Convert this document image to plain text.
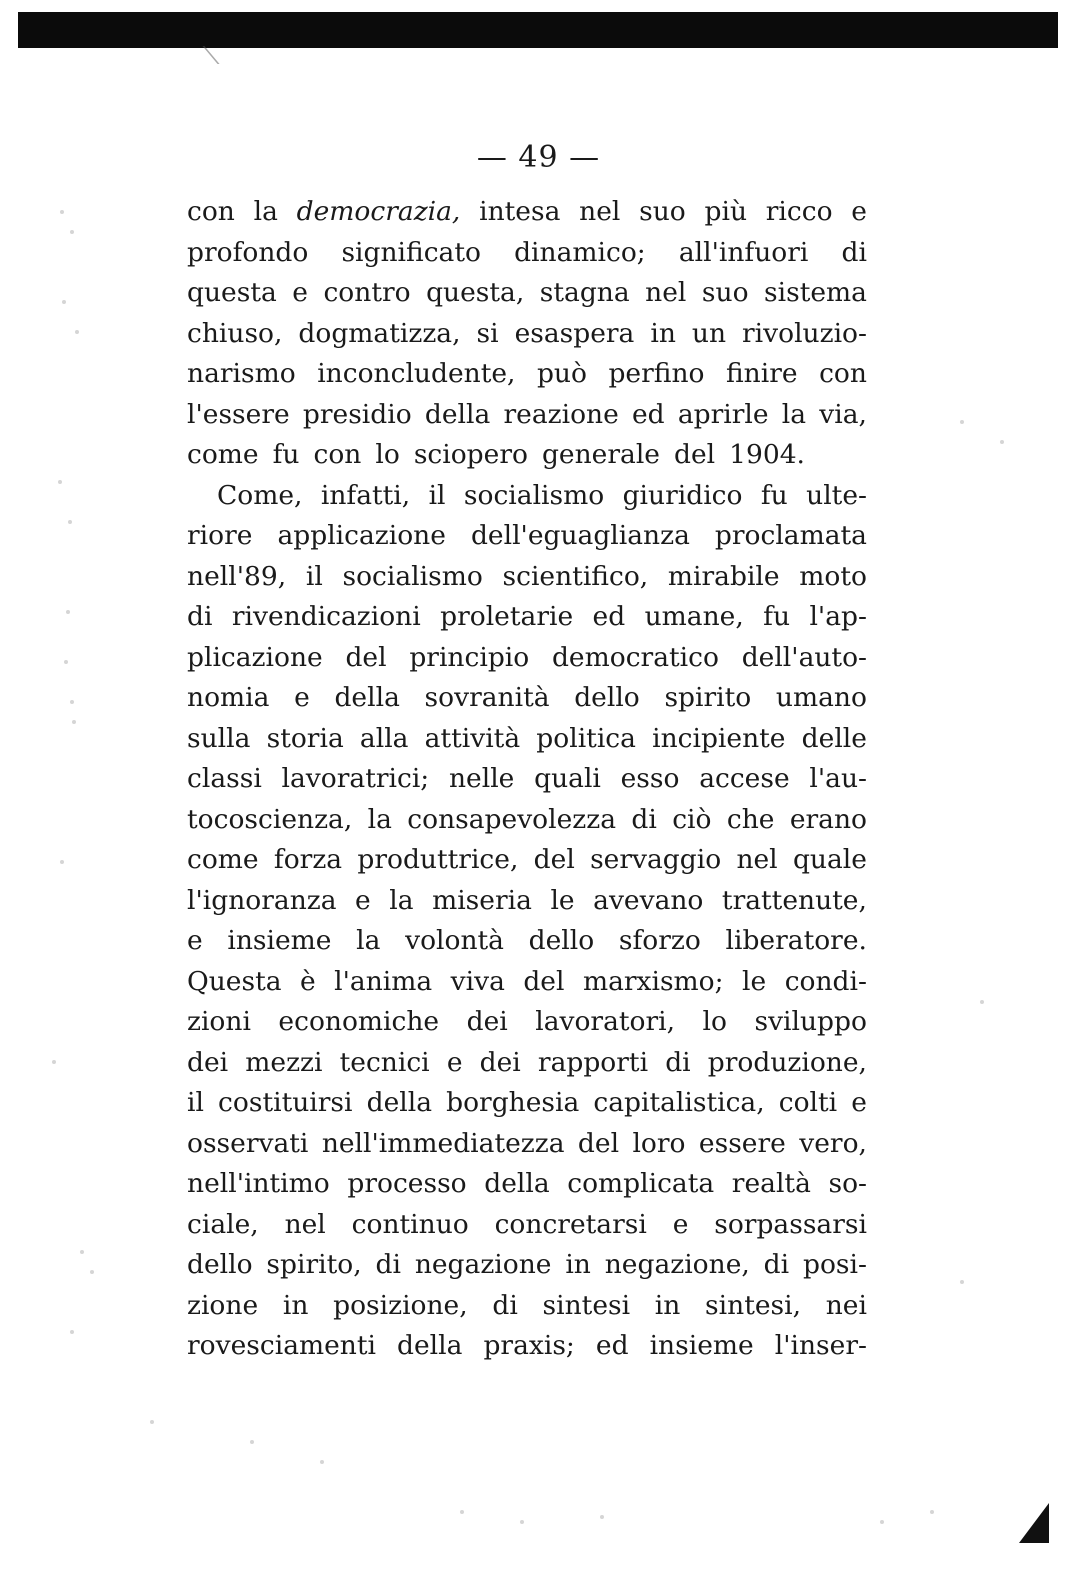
— 49 —
con la democrazia, intesa nel suo più ricco e
profondo significato dinamico; all'infuori di
questa e contro questa, stagna nel suo sistema
chiuso, dogmatizza, si esaspera in un rivoluzio-
narismo inconcludente, può perfino finire con
l'essere presidio della reazione ed aprirle la via,
come fu con lo sciopero generale del 1904.
Come, infatti, il socialismo giuridico fu ulte-
riore applicazione dell'eguaglianza proclamata
nell'89, il socialismo scientifico, mirabile moto
di rivendicazioni proletarie ed umane, fu l'ap-
plicazione del principio democratico dell'auto-
nomia e della sovranità dello spirito umano
sulla storia alla attività politica incipiente delle
classi lavoratrici; nelle quali esso accese l'au-
tocoscienza, la consapevolezza di ciò che erano
come forza produttrice, del servaggio nel quale
l'ignoranza e la miseria le avevano trattenute,
e insieme la volontà dello sforzo liberatore.
Questa è l'anima viva del marxismo; le condi-
zioni economiche dei lavoratori, lo sviluppo
dei mezzi tecnici e dei rapporti di produzione,
il costituirsi della borghesia capitalistica, colti e
osservati nell'immediatezza del loro essere vero,
nell'intimo processo della complicata realtà so-
ciale, nel continuo concretarsi e sorpassarsi
dello spirito, di negazione in negazione, di posi-
zione in posizione, di sintesi in sintesi, nei
rovesciamenti della praxis; ed insieme l'inser-
